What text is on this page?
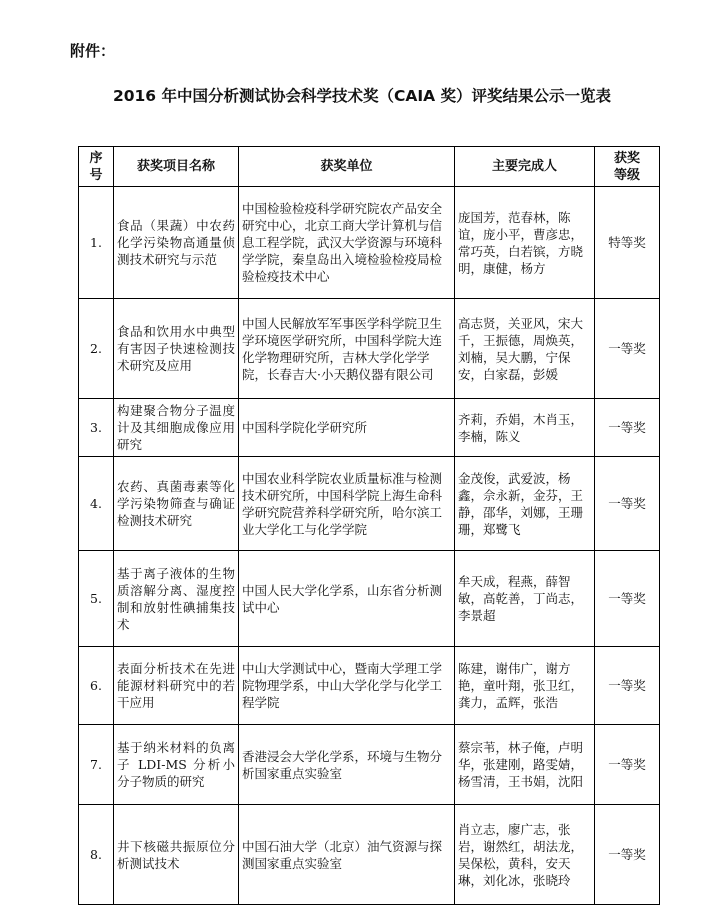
附件：
2016 年中国分析测试协会科学技术奖（CAIA 奖）评奖结果公示一览表
序号	获奖项目名称	获奖单位	主要完成人	获奖等级

1.	食品（果蔬）中农药化学污染物高通量侦测技术研究与示范	中国检验检疫科学研究院农产品安全研究中心，北京工商大学计算机与信息工程学院，武汉大学资源与环境科学学院，秦皇岛出入境检验检疫局检验检疫技术中心	庞国芳，范春林，陈谊，庞小平，曹彦忠，常巧英，白若镔，方晓明，康健，杨方	特等奖
2.	食品和饮用水中典型有害因子快速检测技术研究及应用	中国人民解放军军事医学科学院卫生学环境医学研究所，中国科学院大连化学物理研究所，吉林大学化学学院，长春吉大·小天鹅仪器有限公司	高志贤，关亚风，宋大千，王振德，周焕英，刘楠，吴大鹏，宁保安，白家磊，彭媛	一等奖
3.	构建聚合物分子温度计及其细胞成像应用研究	中国科学院化学研究所	齐莉，乔娟，木肖玉，李楠，陈义	一等奖
4.	农药、真菌毒素等化学污染物筛查与确证检测技术研究	中国农业科学院农业质量标准与检测技术研究所，中国科学院上海生命科学研究院营养科学研究所，哈尔滨工业大学化工与化学学院	金茂俊，武爱波，杨鑫，佘永新，金芬，王静，邵华，刘娜，王珊珊，郑鹭飞	一等奖
5.	基于离子液体的生物质溶解分离、湿度控制和放射性碘捕集技术	中国人民大学化学系，山东省分析测试中心	牟天成，程燕，薛智敏，高乾善，丁尚志，李景超	一等奖
6.	表面分析技术在先进能源材料研究中的若干应用	中山大学测试中心，暨南大学理工学院物理学系，中山大学化学与化学工程学院	陈建，谢伟广，谢方艳，童叶翔，张卫红，龚力，孟辉，张浩	一等奖
7.	基于纳米材料的负离子 LDI-MS 分析小分子物质的研究	香港浸会大学化学系，环境与生物分析国家重点实验室	蔡宗苇，林子俺，卢明华，张建刚，路雯婧，杨雪清，王书娟，沈阳	一等奖
8.	井下核磁共振原位分析测试技术	中国石油大学（北京）油气资源与探测国家重点实验室	肖立志，廖广志，张岩，谢然红，胡法龙，吴保松，黄科，安天琳，刘化冰，张晓玲	一等奖
